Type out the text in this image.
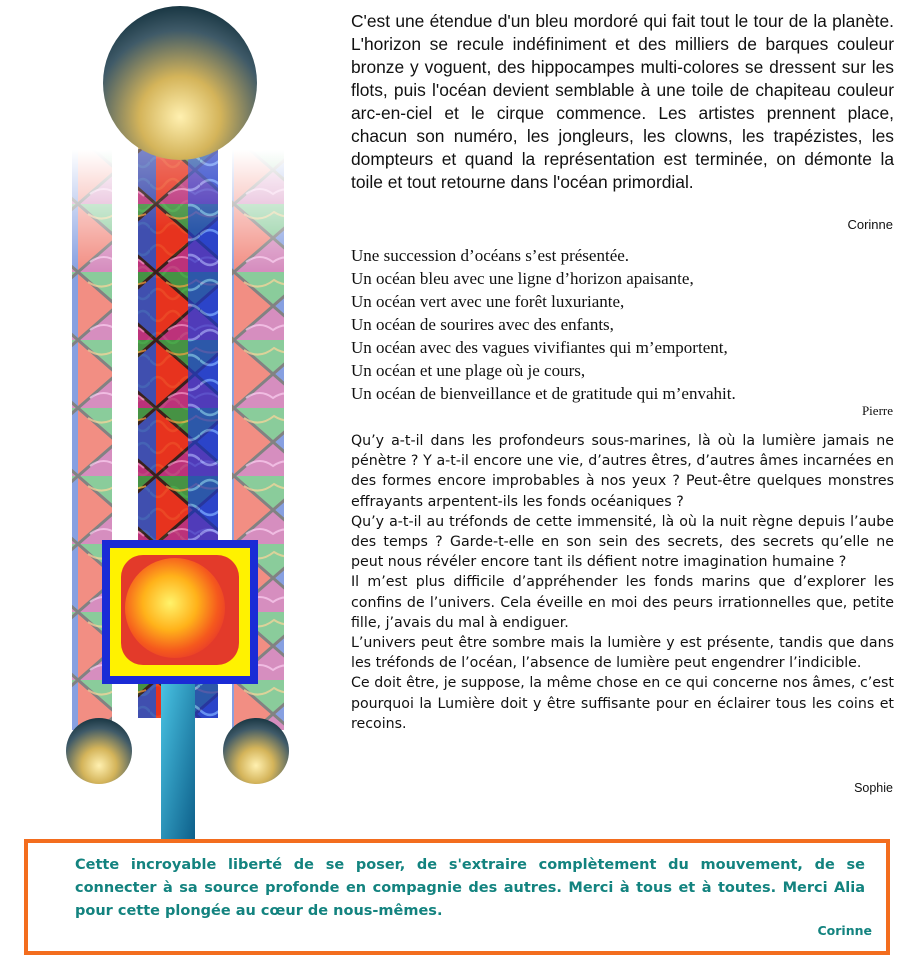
C'est une étendue d'un bleu mordoré qui fait tout le tour de la planète. L'horizon se recule indéfiniment et des milliers de barques couleur bronze y voguent, des hippocampes multi-colores se dressent sur les flots, puis l'océan devient semblable à une toile de chapiteau couleur arc-en-ciel et le cirque commence. Les artistes prennent place, chacun son numéro, les jongleurs, les clowns, les trapézistes, les dompteurs et quand la représentation est terminée, on démonte la toile et tout retourne dans l'océan primordial.
Corinne
Une succession d’océans s’est présentée.
Un océan bleu avec une ligne d’horizon apaisante,
Un océan vert avec une forêt luxuriante,
Un océan de sourires avec des enfants,
Un océan avec des vagues vivifiantes qui m’emportent,
Un océan et une plage où je cours,
Un océan de bienveillance et de gratitude qui m’envahit.
Pierre

Qu’y a-t-il dans les profondeurs sous-marines, là où la lumière jamais ne pénètre ? Y a-t-il encore une vie, d’autres êtres, d’autres âmes incarnées en des formes encore improbables à nos yeux ? Peut-être quelques monstres effrayants arpentent-ils les fonds océaniques ?

Qu’y a-t-il au tréfonds de cette immensité, là où la nuit règne depuis l’aube des temps ? Garde-t-elle en son sein des secrets, des secrets qu’elle ne peut nous révéler encore tant ils défient notre imagination humaine ?

Il m’est plus difficile d’appréhender les fonds marins que d’explorer les confins de l’univers. Cela éveille en moi des peurs irrationnelles que, petite fille, j’avais du mal à endiguer.

L’univers peut être sombre mais la lumière y est présente, tandis que dans les tréfonds de l’océan, l’absence de lumière peut engendrer l’indicible.

Ce doit être, je suppose, la même chose en ce qui concerne nos âmes, c’est pourquoi la Lumière doit y être suffisante pour en éclairer tous les coins et recoins.

Sophie
Cette incroyable liberté de se poser, de s'extraire complètement du mouvement, de se connecter à sa source profonde en compagnie des autres. Merci à tous et à toutes. Merci Alia pour cette plongée au cœur de nous-mêmes.
Corinne
